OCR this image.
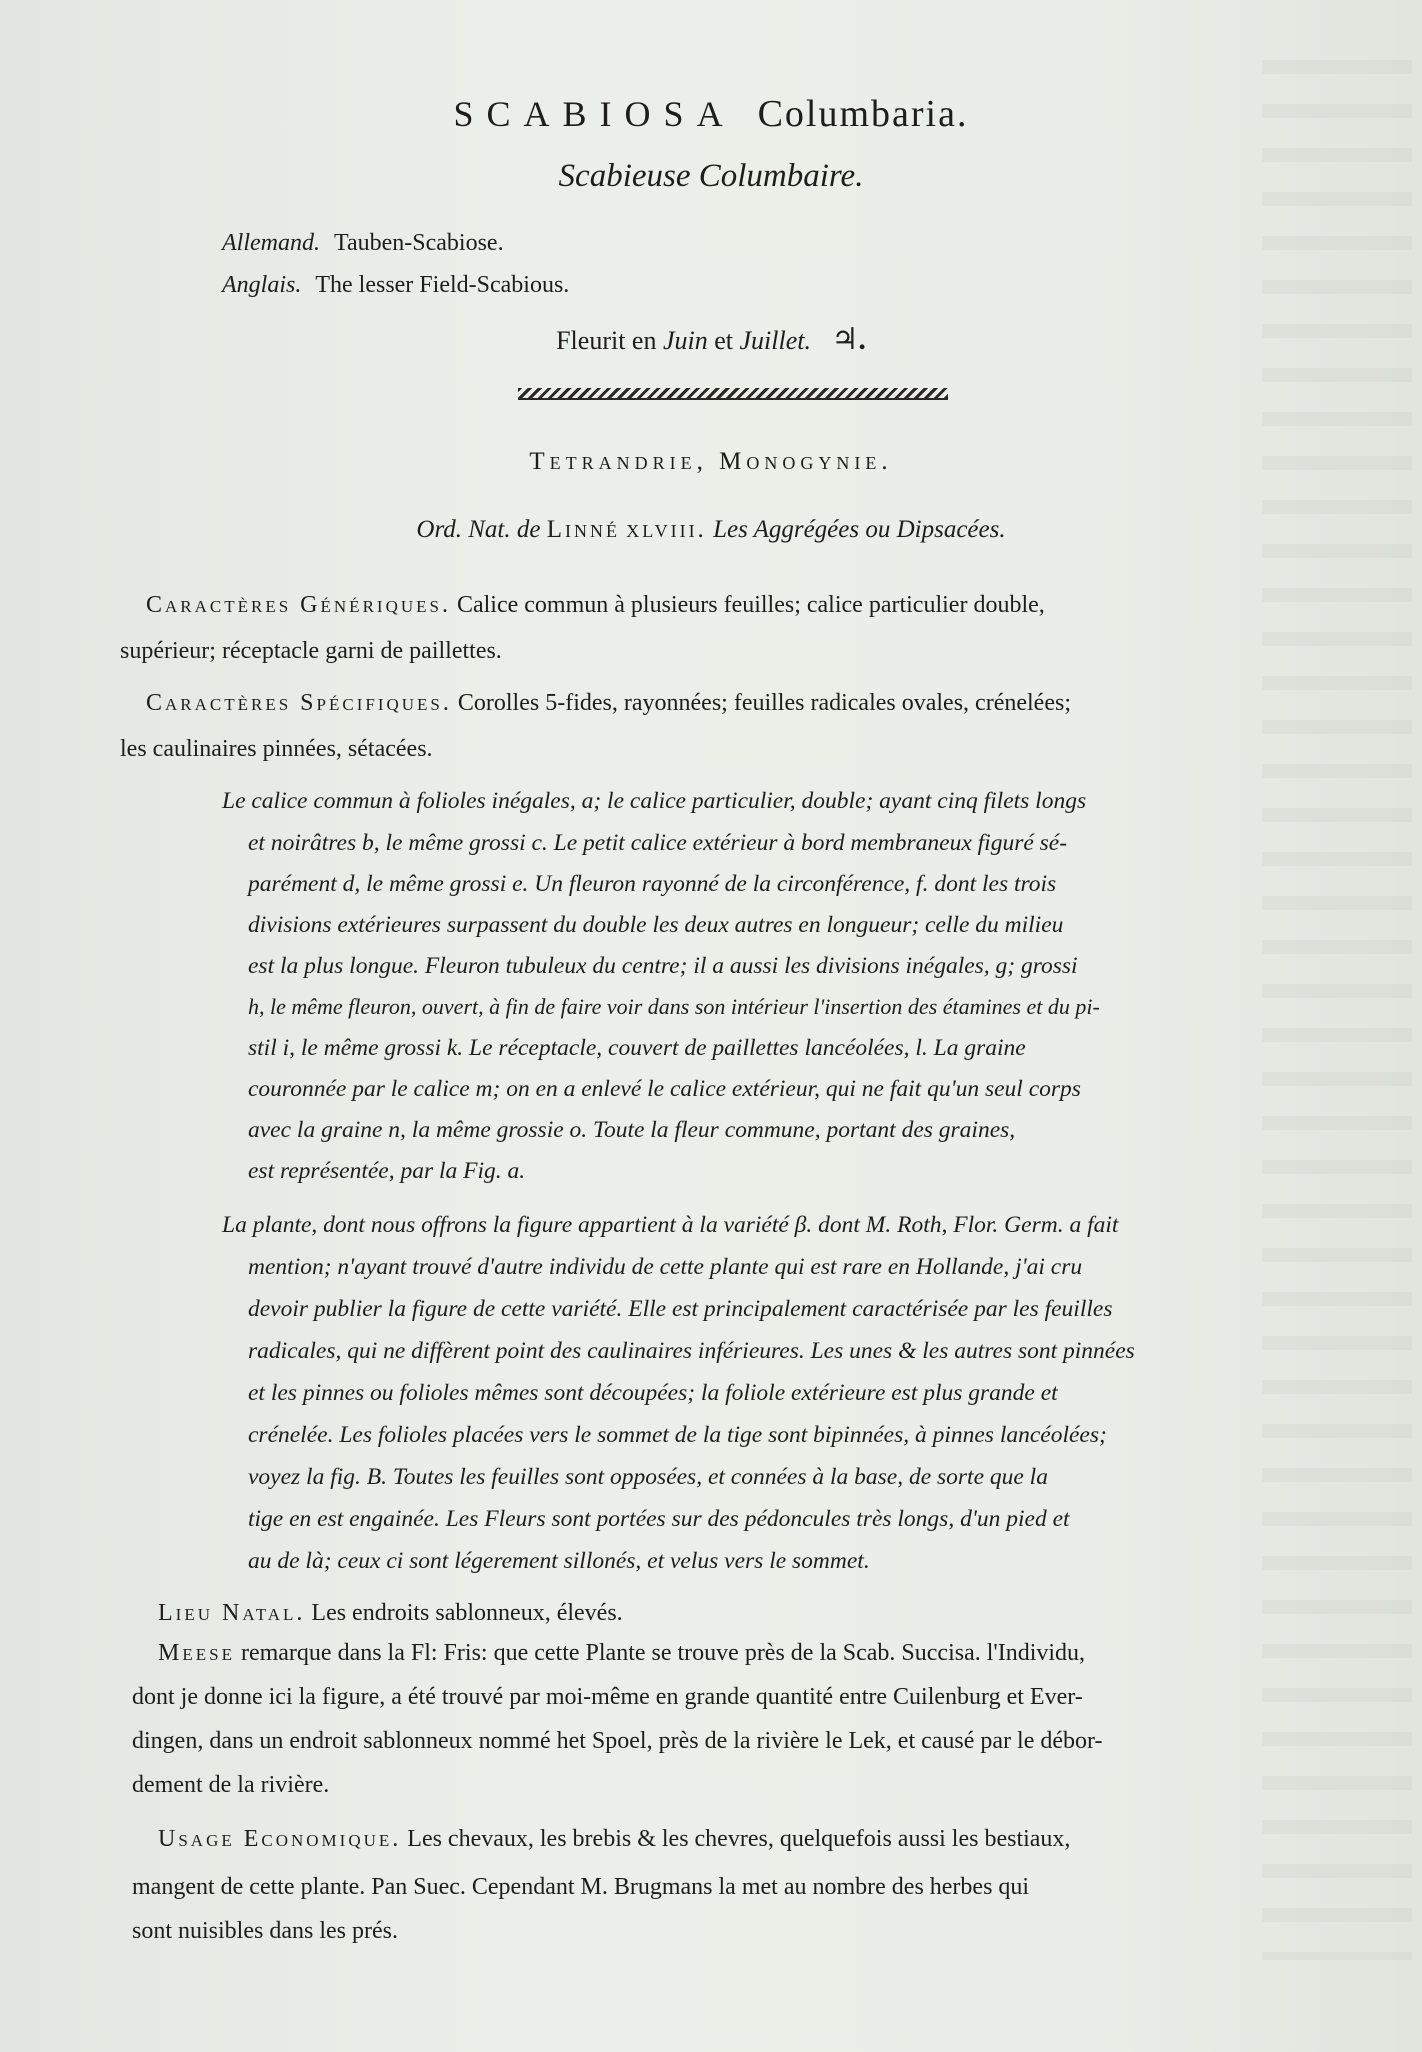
SCABIOSA Columbaria.
Scabieuse Columbaire.
Allemand. Tauben-Scabiose.
Anglais. The lesser Field-Scabious.
Fleurit en Juin et Juillet. ♃.
Tetrandrie, Monogynie.
Ord. Nat. de Linné xlviii. Les Aggrégées ou Dipsacées.
Caractères Génériques. Calice commun à plusieurs feuilles; calice particulier double,
supérieur; réceptacle garni de paillettes.
Caractères Spécifiques. Corolles 5-fides, rayonnées; feuilles radicales ovales, crénelées;
les caulinaires pinnées, sétacées.
Le calice commun à folioles inégales, a; le calice particulier, double; ayant cinq filets longs
et noirâtres b, le même grossi c. Le petit calice extérieur à bord membraneux figuré sé-
parément d, le même grossi e. Un fleuron rayonné de la circonférence, f. dont les trois
divisions extérieures surpassent du double les deux autres en longueur; celle du milieu
est la plus longue. Fleuron tubuleux du centre; il a aussi les divisions inégales, g; grossi
h, le même fleuron, ouvert, à fin de faire voir dans son intérieur l'insertion des étamines et du pi-
stil i, le même grossi k. Le réceptacle, couvert de paillettes lancéolées, l. La graine
couronnée par le calice m; on en a enlevé le calice extérieur, qui ne fait qu'un seul corps
avec la graine n, la même grossie o. Toute la fleur commune, portant des graines,
est représentée, par la Fig. a.
La plante, dont nous offrons la figure appartient à la variété β. dont M. Roth, Flor. Germ. a fait
mention; n'ayant trouvé d'autre individu de cette plante qui est rare en Hollande, j'ai cru
devoir publier la figure de cette variété. Elle est principalement caractérisée par les feuilles
radicales, qui ne diffèrent point des caulinaires inférieures. Les unes & les autres sont pinnées
et les pinnes ou folioles mêmes sont découpées; la foliole extérieure est plus grande et
crénelée. Les folioles placées vers le sommet de la tige sont bipinnées, à pinnes lancéolées;
voyez la fig. B. Toutes les feuilles sont opposées, et connées à la base, de sorte que la
tige en est engainée. Les Fleurs sont portées sur des pédoncules très longs, d'un pied et
au de là; ceux ci sont légerement sillonés, et velus vers le sommet.
Lieu Natal. Les endroits sablonneux, élevés.
Meese remarque dans la Fl: Fris: que cette Plante se trouve près de la Scab. Succisa. l'Individu,
dont je donne ici la figure, a été trouvé par moi-même en grande quantité entre Cuilenburg et Ever-
dingen, dans un endroit sablonneux nommé het Spoel, près de la rivière le Lek, et causé par le débor-
dement de la rivière.
Usage Economique. Les chevaux, les brebis & les chevres, quelquefois aussi les bestiaux,
mangent de cette plante. Pan Suec. Cependant M. Brugmans la met au nombre des herbes qui
sont nuisibles dans les prés.
